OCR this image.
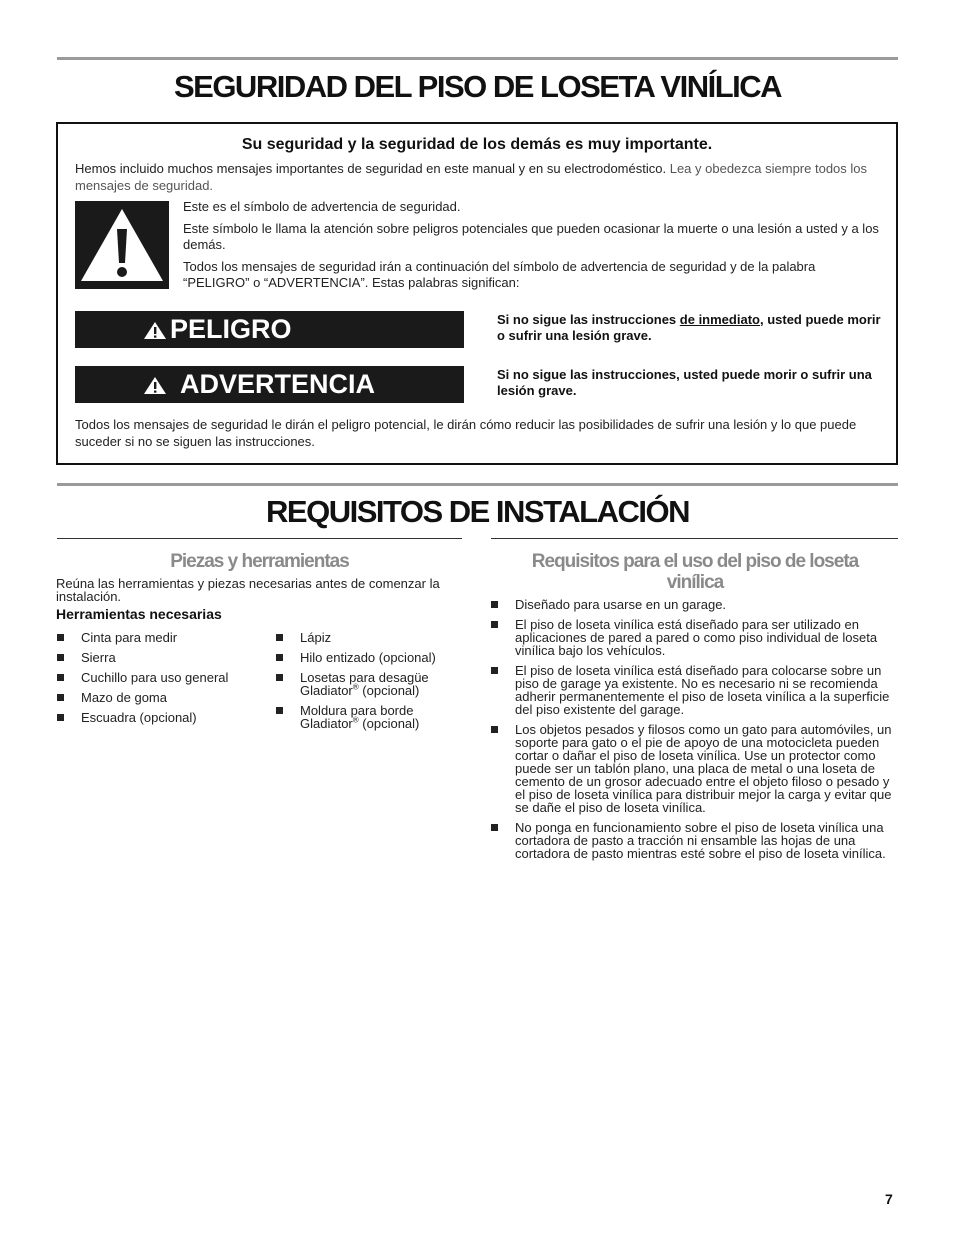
SEGURIDAD DEL PISO DE LOSETA VINÍLICA
Su seguridad y la seguridad de los demás es muy importante.
Hemos incluido muchos mensajes importantes de seguridad en este manual y en su electrodoméstico. Lea y obedezca siempre todos los mensajes de seguridad.
Este es el símbolo de advertencia de seguridad.
Este símbolo le llama la atención sobre peligros potenciales que pueden ocasionar la muerte o una lesión a usted y a los demás.
Todos los mensajes de seguridad irán a continuación del símbolo de advertencia de seguridad y de la palabra “PELIGRO” o “ADVERTENCIA”. Estas palabras significan:
PELIGRO	Si no sigue las instrucciones de inmediato, usted puede morir o sufrir una lesión grave.
ADVERTENCIA	Si no sigue las instrucciones, usted puede morir o sufrir una lesión grave.
Todos los mensajes de seguridad le dirán el peligro potencial, le dirán cómo reducir las posibilidades de sufrir una lesión y lo que puede suceder si no se siguen las instrucciones.
REQUISITOS DE INSTALACIÓN
Piezas y herramientas
Reúna las herramientas y piezas necesarias antes de comenzar la instalación.
Herramientas necesarias
Cinta para medir
Sierra
Cuchillo para uso general
Mazo de goma
Escuadra (opcional)
Lápiz
Hilo entizado (opcional)
Losetas para desagüe
Gladiator® (opcional)
Moldura para borde
Gladiator® (opcional)
Requisitos para el uso del piso de loseta vinílica
Diseñado para usarse en un garage.
El piso de loseta vinílica está diseñado para ser utilizado en aplicaciones de pared a pared o como piso individual de loseta vinílica bajo los vehículos.
El piso de loseta vinílica está diseñado para colocarse sobre un piso de garage ya existente. No es necesario ni se recomienda adherir permanentemente el piso de loseta vinílica a la superficie del piso existente del garage.
Los objetos pesados y filosos como un gato para automóviles, un soporte para gato o el pie de apoyo de una motocicleta pueden cortar o dañar el piso de loseta vinílica. Use un protector como puede ser un tablón plano, una placa de metal o una loseta de cemento de un grosor adecuado entre el objeto filoso o pesado y el piso de loseta vinílica para distribuir mejor la carga y evitar que se dañe el piso de loseta vinílica.
No ponga en funcionamiento sobre el piso de loseta vinílica una cortadora de pasto a tracción ni ensamble las hojas de una cortadora de pasto mientras esté sobre el piso de loseta vinílica.
7
